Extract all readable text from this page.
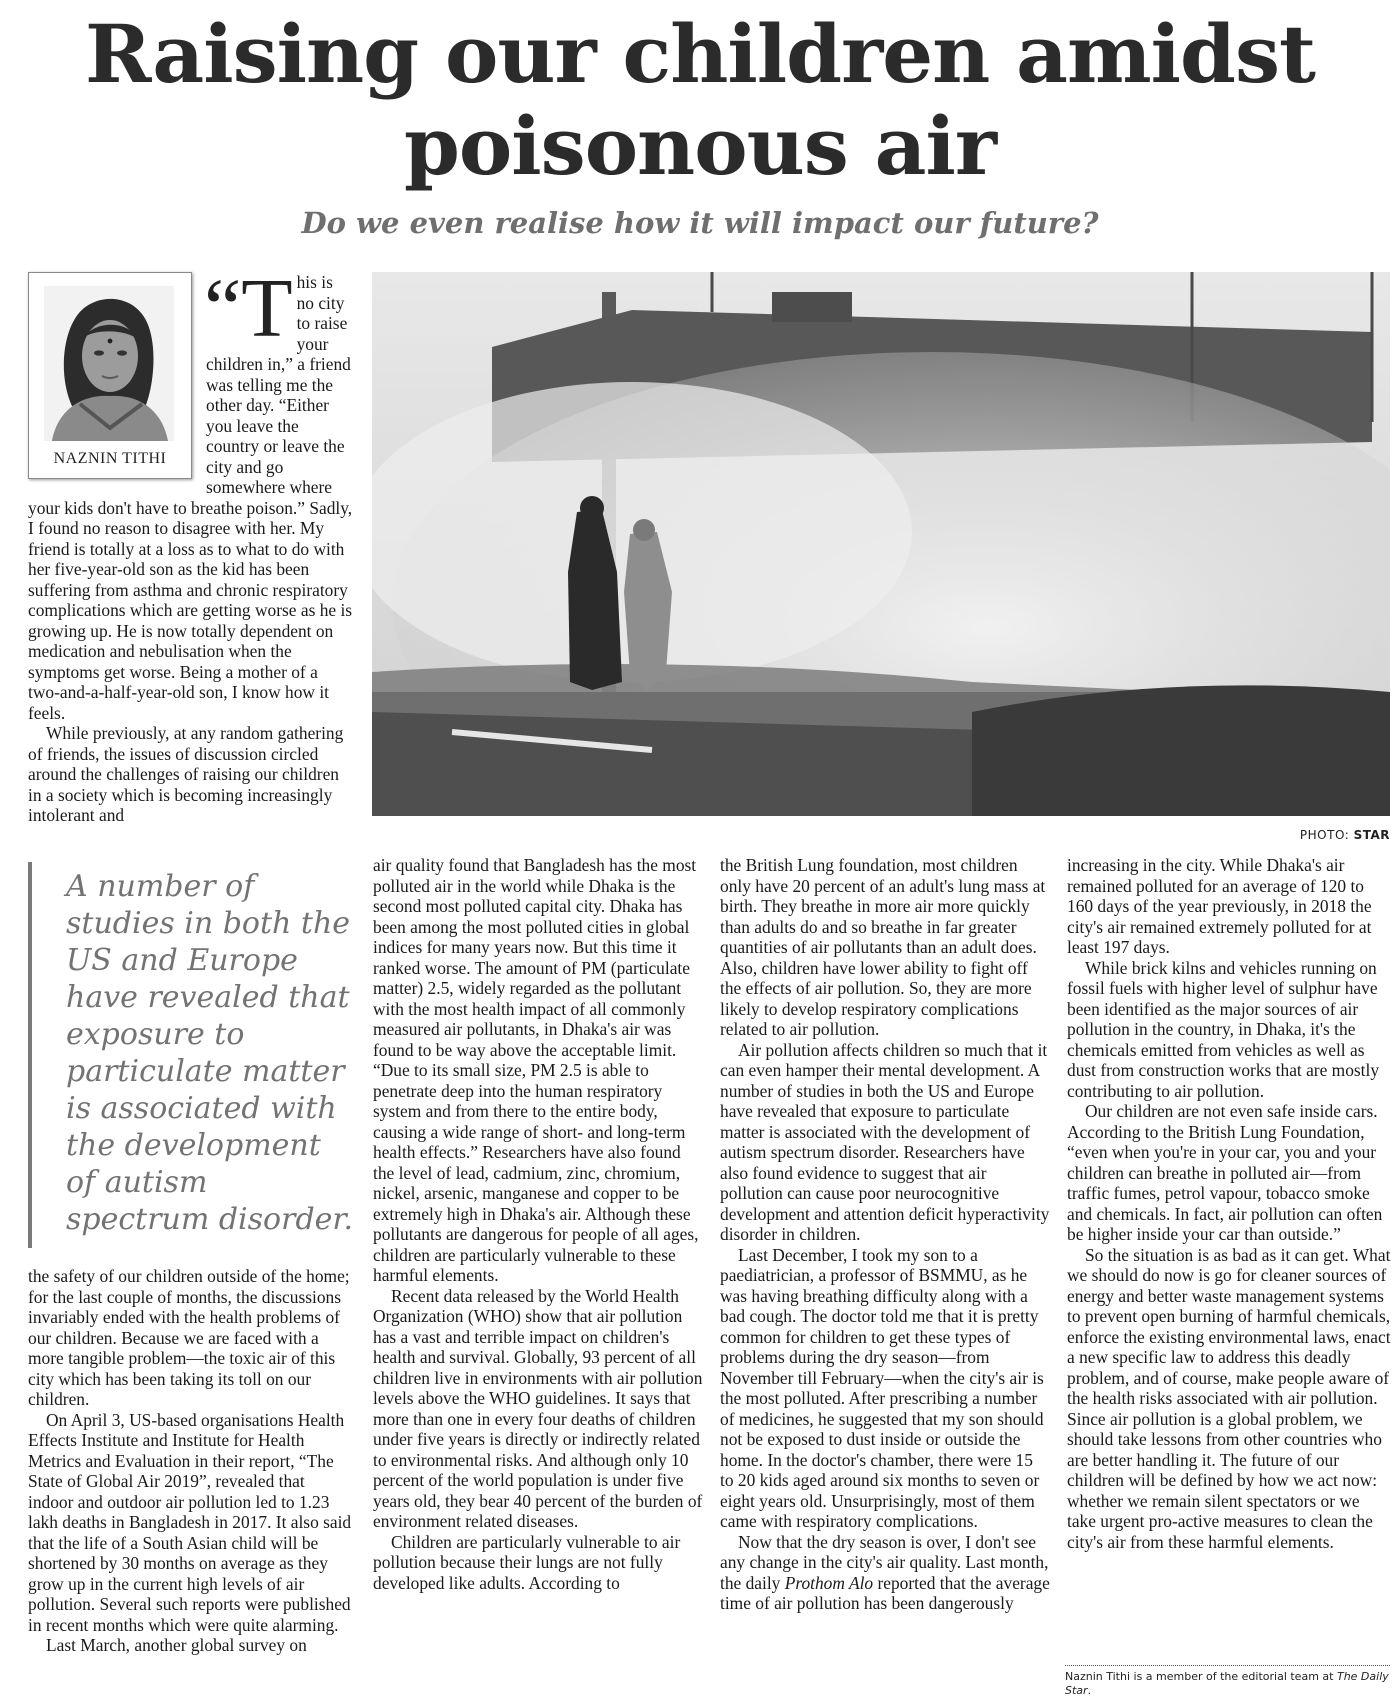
Raising our children amidst
poisonous air
Do we even realise how it will impact our future?
NAZNIN TITHI
PHOTO: STAR

“This is no city to raise your children in,” a friend was telling me the other day. “Either you leave the country or leave the city and go somewhere where your kids don't have to breathe poison.” Sadly, I found no reason to disagree with her. My friend is totally at a loss as to what to do with her five-year-old son as the kid has been suffering from asthma and chronic respiratory complications which are getting worse as he is growing up. He is now totally dependent on medication and nebulisation when the symptoms get worse. Being a mother of a two-and-a-half-year-old son, I know how it feels.

While previously, at any random gathering of friends, the issues of discussion circled around the challenges of raising our children in a society which is becoming increasingly intolerant and

A number of studies in both the US and Europe have revealed that exposure to particulate matter is associated with the development of autism spectrum disorder.

the safety of our children outside of the home; for the last couple of months, the discussions invariably ended with the health problems of our children. Because we are faced with a more tangible problem—the toxic air of this city which has been taking its toll on our children.

On April 3, US-based organisations Health Effects Institute and Institute for Health Metrics and Evaluation in their report, “The State of Global Air 2019”, revealed that indoor and outdoor air pollution led to 1.23 lakh deaths in Bangladesh in 2017. It also said that the life of a South Asian child will be shortened by 30 months on average as they grow up in the current high levels of air pollution. Several such reports were published in recent months which were quite alarming.

Last March, another global survey on

air quality found that Bangladesh has the most polluted air in the world while Dhaka is the second most polluted capital city. Dhaka has been among the most polluted cities in global indices for many years now. But this time it ranked worse. The amount of PM (particulate matter) 2.5, widely regarded as the pollutant with the most health impact of all commonly measured air pollutants, in Dhaka's air was found to be way above the acceptable limit. “Due to its small size, PM 2.5 is able to penetrate deep into the human respiratory system and from there to the entire body, causing a wide range of short- and long-term health effects.” Researchers have also found the level of lead, cadmium, zinc, chromium, nickel, arsenic, manganese and copper to be extremely high in Dhaka's air. Although these pollutants are dangerous for people of all ages, children are particularly vulnerable to these harmful elements.

Recent data released by the World Health Organization (WHO) show that air pollution has a vast and terrible impact on children's health and survival. Globally, 93 percent of all children live in environments with air pollution levels above the WHO guidelines. It says that more than one in every four deaths of children under five years is directly or indirectly related to environmental risks. And although only 10 percent of the world population is under five years old, they bear 40 percent of the burden of environment related diseases.

Children are particularly vulnerable to air pollution because their lungs are not fully developed like adults. According to

the British Lung foundation, most children only have 20 percent of an adult's lung mass at birth. They breathe in more air more quickly than adults do and so breathe in far greater quantities of air pollutants than an adult does. Also, children have lower ability to fight off the effects of air pollution. So, they are more likely to develop respiratory complications related to air pollution.

Air pollution affects children so much that it can even hamper their mental development. A number of studies in both the US and Europe have revealed that exposure to particulate matter is associated with the development of autism spectrum disorder. Researchers have also found evidence to suggest that air pollution can cause poor neurocognitive development and attention deficit hyperactivity disorder in children.

Last December, I took my son to a paediatrician, a professor of BSMMU, as he was having breathing difficulty along with a bad cough. The doctor told me that it is pretty common for children to get these types of problems during the dry season—from November till February—when the city's air is the most polluted. After prescribing a number of medicines, he suggested that my son should not be exposed to dust inside or outside the home. In the doctor's chamber, there were 15 to 20 kids aged around six months to seven or eight years old. Unsurprisingly, most of them came with respiratory complications.

Now that the dry season is over, I don't see any change in the city's air quality. Last month, the daily Prothom Alo reported that the average time of air pollution has been dangerously

increasing in the city. While Dhaka's air remained polluted for an average of 120 to 160 days of the year previously, in 2018 the city's air remained extremely polluted for at least 197 days.

While brick kilns and vehicles running on fossil fuels with higher level of sulphur have been identified as the major sources of air pollution in the country, in Dhaka, it's the chemicals emitted from vehicles as well as dust from construction works that are mostly contributing to air pollution.

Our children are not even safe inside cars. According to the British Lung Foundation, “even when you're in your car, you and your children can breathe in polluted air—from traffic fumes, petrol vapour, tobacco smoke and chemicals. In fact, air pollution can often be higher inside your car than outside.”

So the situation is as bad as it can get. What we should do now is go for cleaner sources of energy and better waste management systems to prevent open burning of harmful chemicals, enforce the existing environmental laws, enact a new specific law to address this deadly problem, and of course, make people aware of the health risks associated with air pollution. Since air pollution is a global problem, we should take lessons from other countries who are better handling it. The future of our children will be defined by how we act now: whether we remain silent spectators or we take urgent pro-active measures to clean the city's air from these harmful elements.

Naznin Tithi is a member of the editorial team at The Daily Star.
